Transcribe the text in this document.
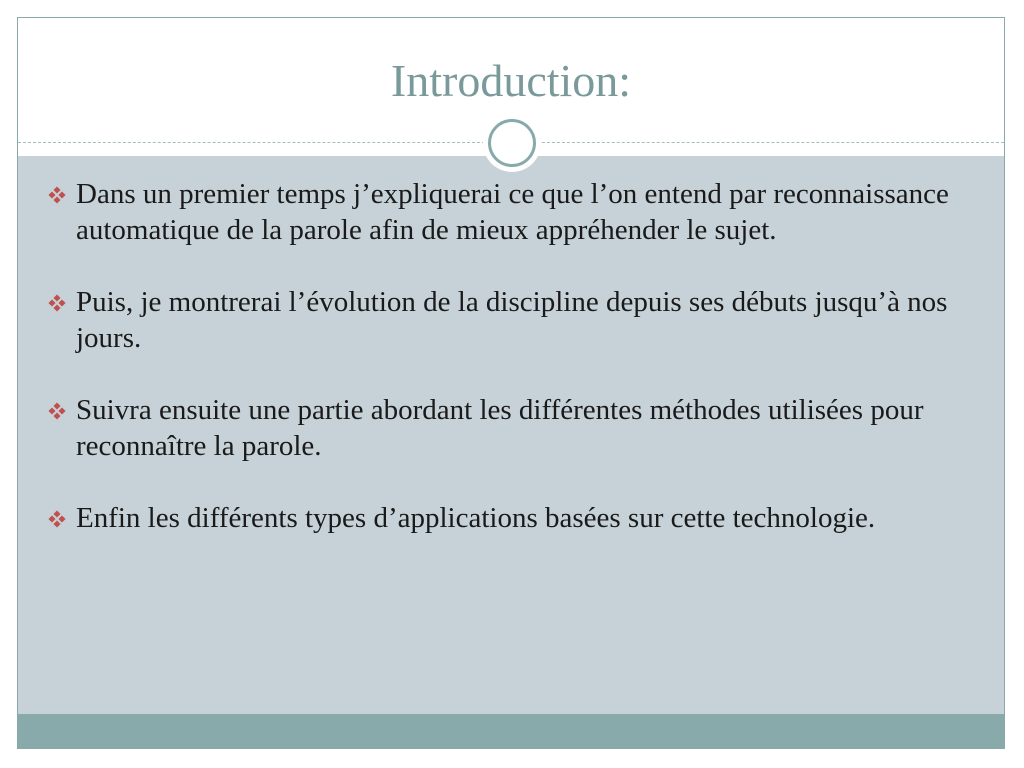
Introduction:
Dans un premier temps j’expliquerai ce que l’on entend par reconnaissance automatique de la parole afin de mieux appréhender le sujet.
Puis, je montrerai l’évolution de la discipline depuis ses débuts jusqu’à nos jours.
Suivra ensuite une partie abordant les différentes méthodes utilisées pour reconnaître la parole.
Enfin les différents types d’applications basées sur cette technologie.
